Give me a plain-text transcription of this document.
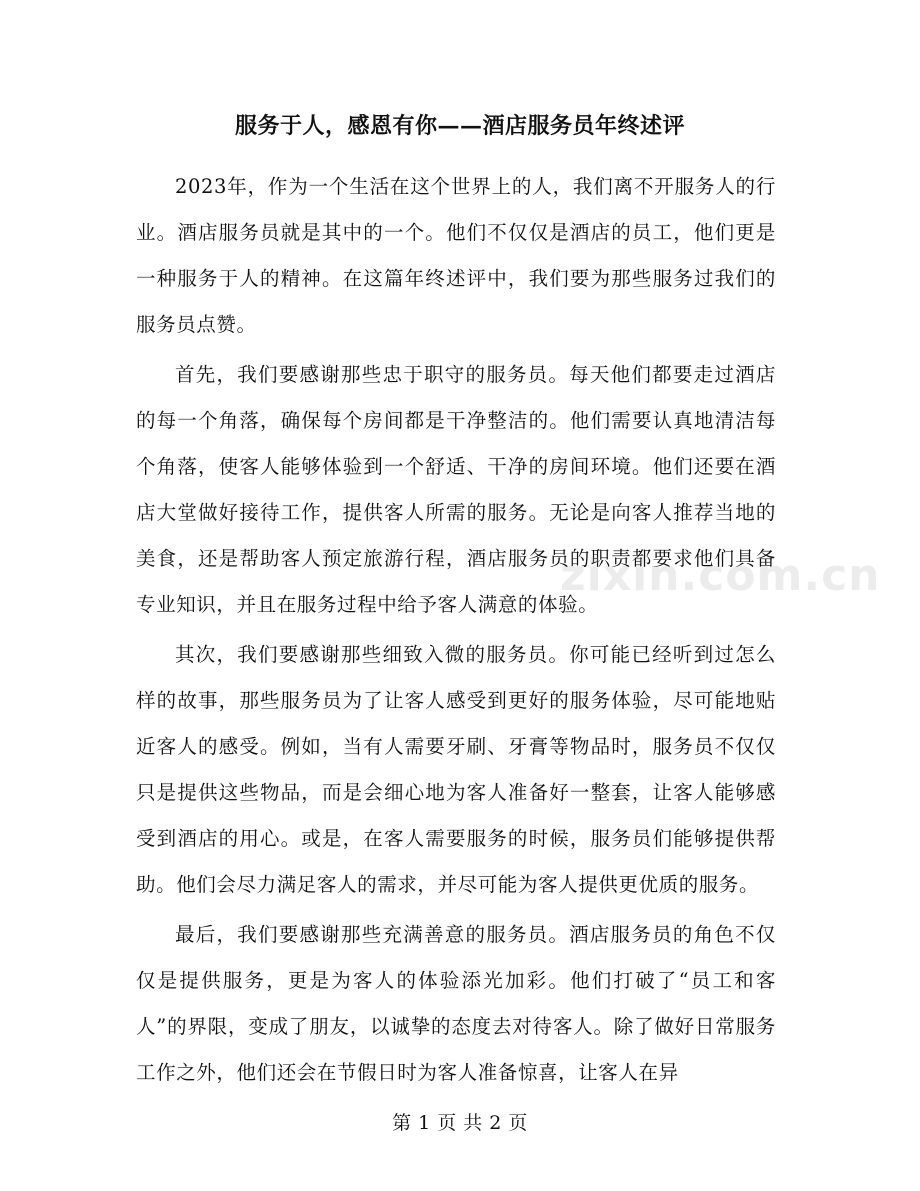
服务于人，感恩有你——酒店服务员年终述评

2023年，作为一个生活在这个世界上的人，我们离不开服务人的行业。酒店服务员就是其中的一个。他们不仅仅是酒店的员工，他们更是一种服务于人的精神。在这篇年终述评中，我们要为那些服务过我们的服务员点赞。

首先，我们要感谢那些忠于职守的服务员。每天他们都要走过酒店的每一个角落，确保每个房间都是干净整洁的。他们需要认真地清洁每个角落，使客人能够体验到一个舒适、干净的房间环境。他们还要在酒店大堂做好接待工作，提供客人所需的服务。无论是向客人推荐当地的美食，还是帮助客人预定旅游行程，酒店服务员的职责都要求他们具备专业知识，并且在服务过程中给予客人满意的体验。

其次，我们要感谢那些细致入微的服务员。你可能已经听到过怎么样的故事，那些服务员为了让客人感受到更好的服务体验，尽可能地贴近客人的感受。例如，当有人需要牙刷、牙膏等物品时，服务员不仅仅只是提供这些物品，而是会细心地为客人准备好一整套，让客人能够感受到酒店的用心。或是，在客人需要服务的时候，服务员们能够提供帮助。他们会尽力满足客人的需求，并尽可能为客人提供更优质的服务。

最后，我们要感谢那些充满善意的服务员。酒店服务员的角色不仅仅是提供服务，更是为客人的体验添光加彩。他们打破了“员工和客人”的界限，变成了朋友，以诚挚的态度去对待客人。除了做好日常服务工作之外，他们还会在节假日时为客人准备惊喜，让客人在异

zixin.com.cn
第 1 页 共 2 页
